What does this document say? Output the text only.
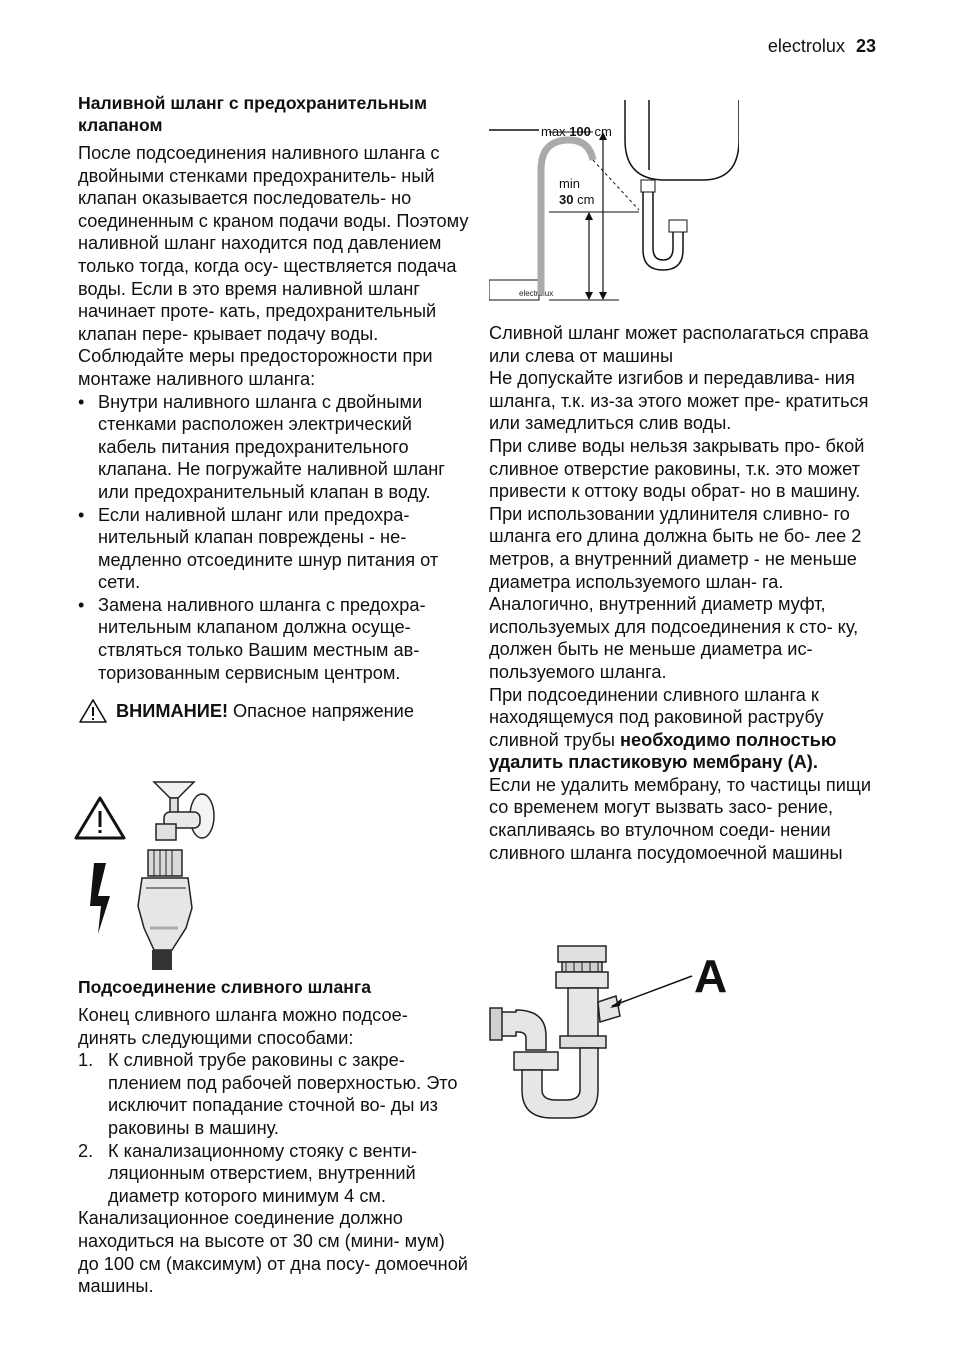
electrolux 23

Наливной шланг с предохранительным клапаном

После подсоединения наливного шланга с двойными стенками предохранитель- ный клапан оказывается последователь- но соединенным с краном подачи воды. Поэтому наливной шланг находится под давлением только тогда, когда осу- ществляется подача воды. Если в это время наливной шланг начинает проте- кать, предохранительный клапан пере- крывает подачу воды.

Соблюдайте меры предосторожности при монтаже наливного шланга:

• Внутри наливного шланга с двойными стенками расположен электрический кабель питания предохранительного клапана. Не погружайте наливной шланг или предохранительный клапан в воду.
• Если наливной шланг или предохра- нительный клапан повреждены - не- медленно отсоедините шнур питания от сети.
• Замена наливного шланга с предохра- нительным клапаном должна осуще- ствляться только Вашим местным ав- торизованным сервисным центром.
ВНИМАНИЕ! Опасное напряжение
electrolux
max 100 cm
min
30 cm

Сливной шланг может располагаться справа или слева от машины

Не допускайте изгибов и передавлива- ния шланга, т.к. из-за этого может пре- кратиться или замедлиться слив воды.

При сливе воды нельзя закрывать про- бкой сливное отверстие раковины, т.к. это может привести к оттоку воды обрат- но в машину.

При использовании удлинителя сливно- го шланга его длина должна быть не бо- лее 2 метров, а внутренний диаметр - не меньше диаметра используемого шлан- га.

Аналогично, внутренний диаметр муфт, используемых для подсоединения к сто- ку, должен быть не меньше диаметра ис- пользуемого шланга.

При подсоединении сливного шланга к находящемуся под раковиной раструбу сливной трубы необходимо полностью удалить пластиковую мембрану (A).

Если не удалить мембрану, то частицы пищи со временем могут вызвать засо- рение, скапливаясь во втулочном соеди- нении сливного шланга посудомоечной машины

A

Подсоединение сливного шланга

Конец сливного шланга можно подсое- динять следующими способами:

1. К сливной трубе раковины с закре- плением под рабочей поверхностью. Это исключит попадание сточной во- ды из раковины в машину.
2. К канализационному стояку с венти- ляционным отверстием, внутренний диаметр которого минимум 4 см.

Канализационное соединение должно находиться на высоте от 30 см (мини- мум) до 100 см (максимум) от дна посу- домоечной машины.
